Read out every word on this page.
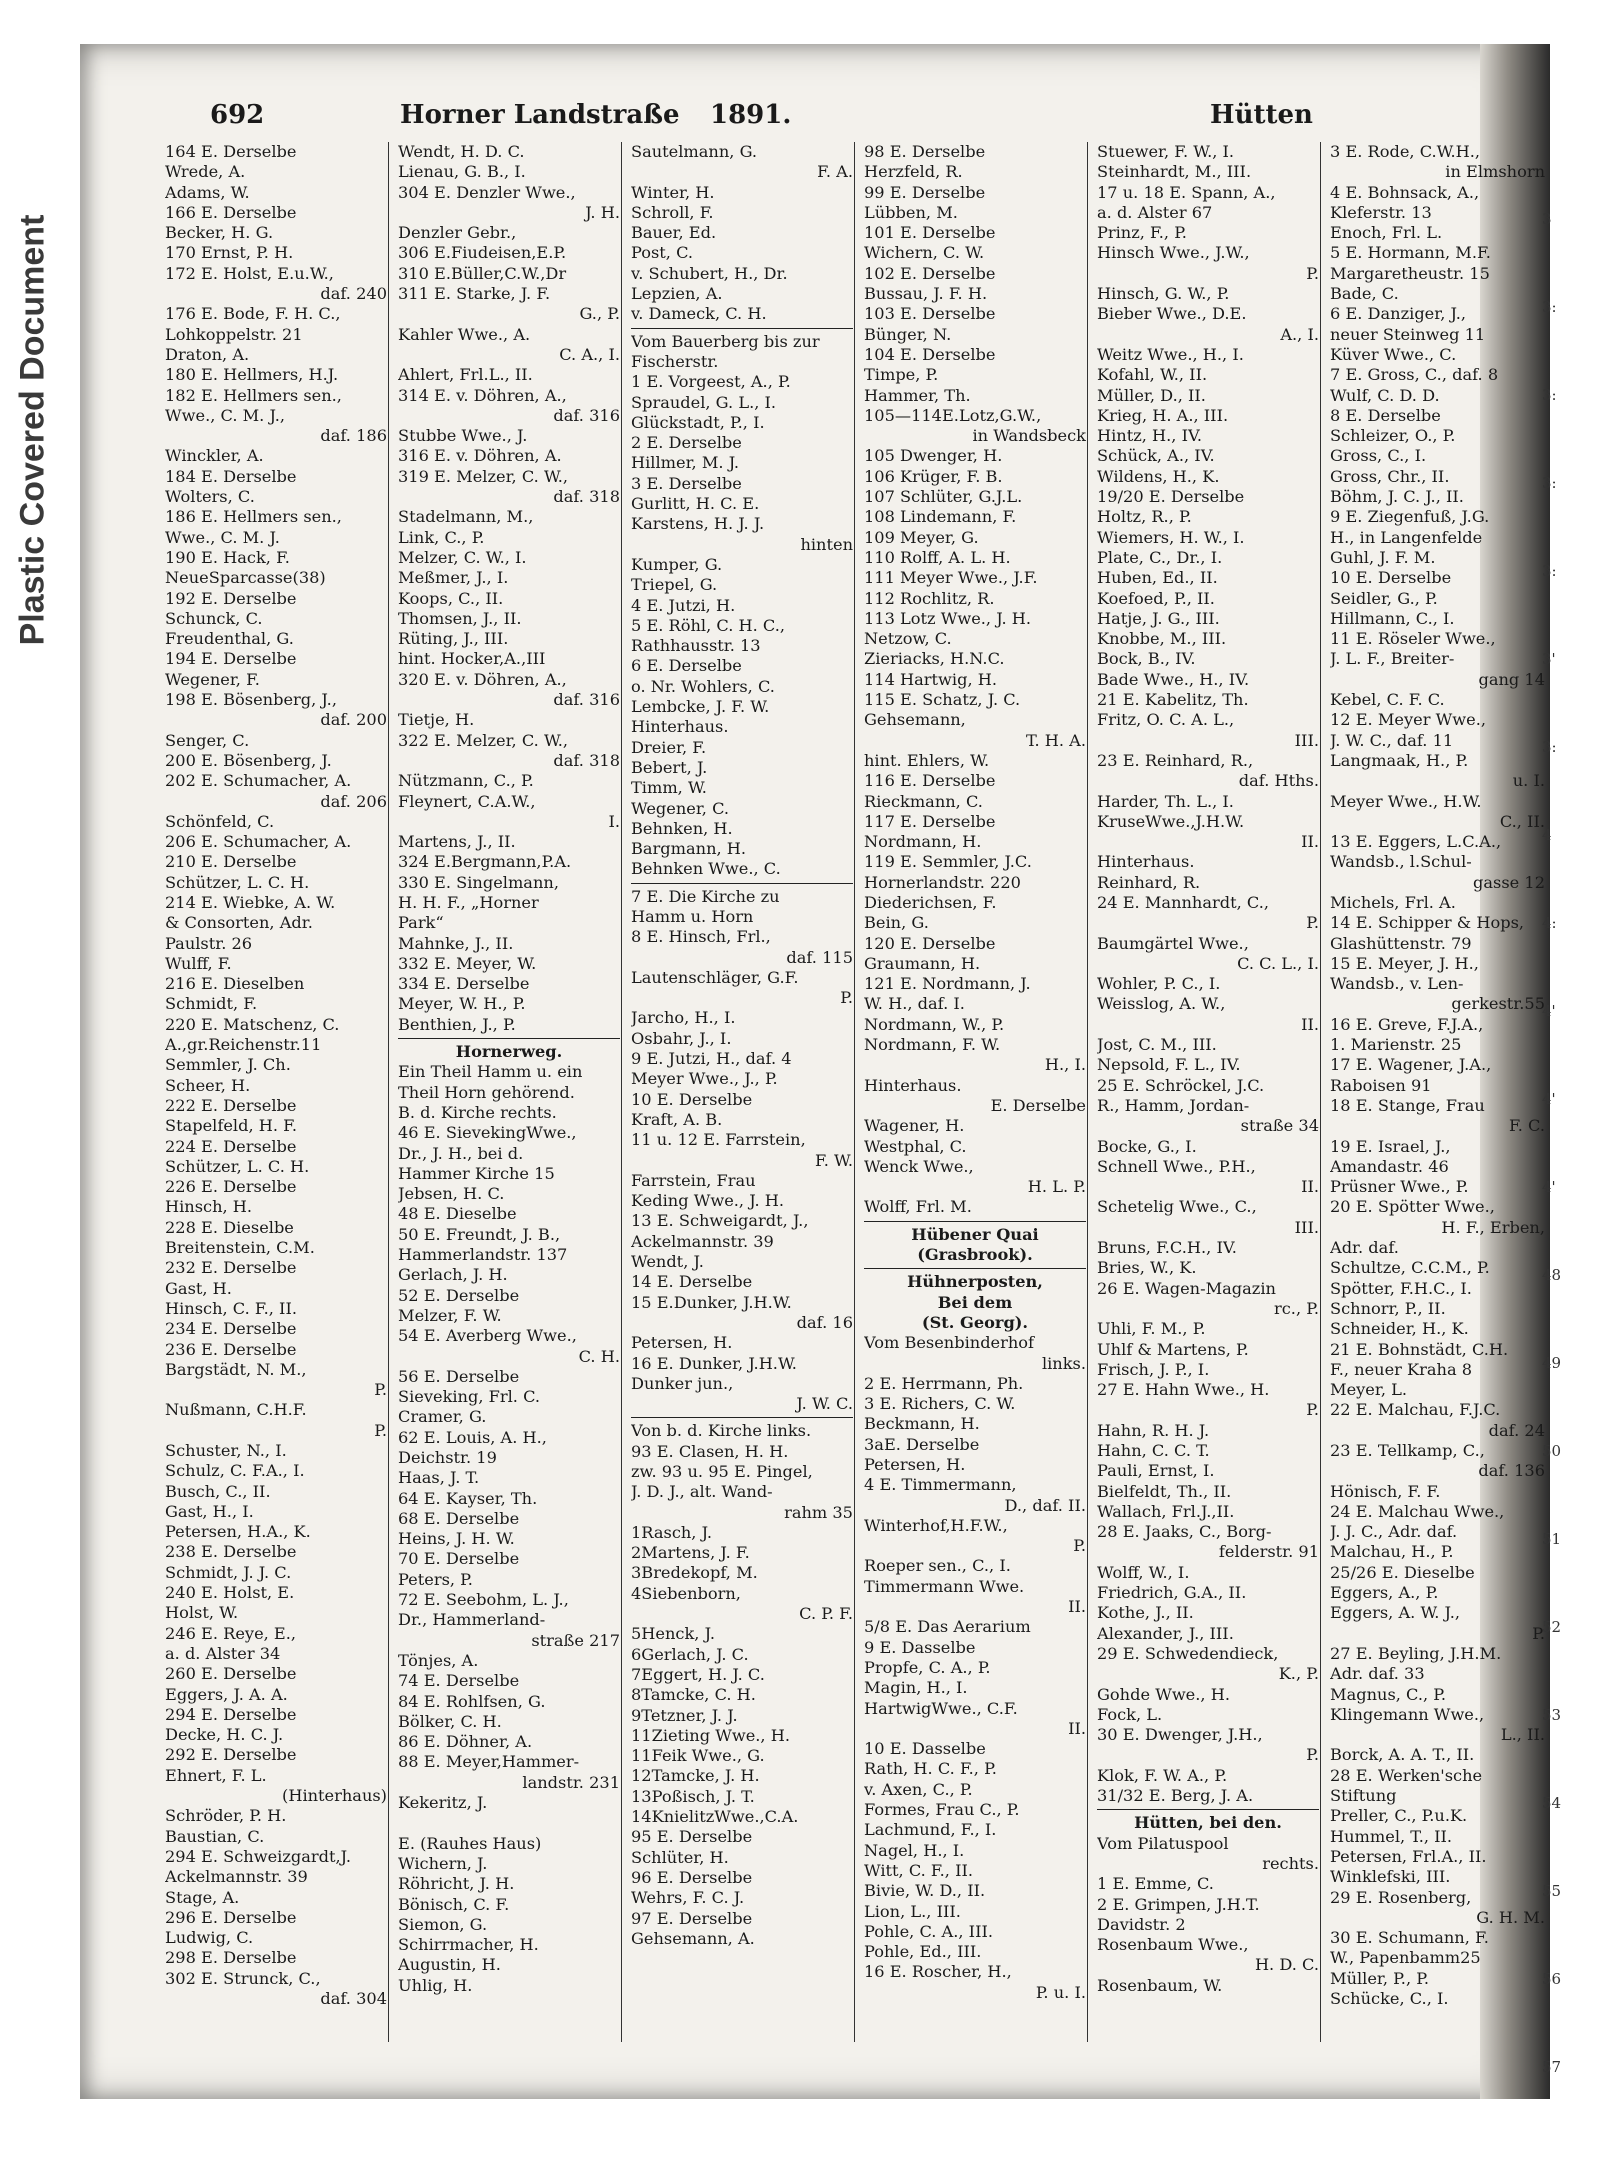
Plastic Covered Document
692	Horner Landstraße 1891.	Hütten
164 E. Derselbe
Wrede, A.
Adams, W.
166 E. Derselbe
Becker, H. G.
170 Ernst, P. H.
172 E. Holst, E.u.W.,
daf. 240
176 E. Bode, F. H. C.,
Lohkoppelstr. 21
Draton, A.
180 E. Hellmers, H.J.
182 E. Hellmers sen.,
Wwe., C. M. J.,
daf. 186
Winckler, A.
184 E. Derselbe
Wolters, C.
186 E. Hellmers sen.,
Wwe., C. M. J.
190 E. Hack, F.
NeueSparcasse(38)
192 E. Derselbe
Schunck, C.
Freudenthal, G.
194 E. Derselbe
Wegener, F.
198 E. Bösenberg, J.,
daf. 200
Senger, C.
200 E. Bösenberg, J.
202 E. Schumacher, A.
daf. 206
Schönfeld, C.
206 E. Schumacher, A.
210 E. Derselbe
Schützer, L. C. H.
214 E. Wiebke, A. W.
& Consorten, Adr.
Paulstr. 26
Wulff, F.
216 E. Dieselben
Schmidt, F.
220 E. Matschenz, C.
A.,gr.Reichenstr.11
Semmler, J. Ch.
Scheer, H.
222 E. Derselbe
Stapelfeld, H. F.
224 E. Derselbe
Schützer, L. C. H.
226 E. Derselbe
Hinsch, H.
228 E. Dieselbe
Breitenstein, C.M.
232 E. Derselbe
Gast, H.
Hinsch, C. F., II.
234 E. Derselbe
236 E. Derselbe
Bargstädt, N. M.,
P.
Nußmann, C.H.F.
P.
Schuster, N., I.
Schulz, C. F.A., I.
Busch, C., II.
Gast, H., I.
Petersen, H.A., K.
238 E. Derselbe
Schmidt, J. J. C.
240 E. Holst, E.
Holst, W.
246 E. Reye, E.,
a. d. Alster 34
260 E. Derselbe
Eggers, J. A. A.
294 E. Derselbe
Decke, H. C. J.
292 E. Derselbe
Ehnert, F. L.
(Hinterhaus)
Schröder, P. H.
Baustian, C.
294 E. Schweizgardt,J.
Ackelmannstr. 39
Stage, A.
296 E. Derselbe
Ludwig, C.
298 E. Derselbe
302 E. Strunck, C.,
daf. 304
Wendt, H. D. C.
Lienau, G. B., I.
304 E. Denzler Wwe.,
J. H.
Denzler Gebr.,
306 E.Fiudeisen,E.P.
310 E.Büller,C.W.,Dr
311 E. Starke, J. F.
G., P.
Kahler Wwe., A.
C. A., I.
Ahlert, Frl.L., II.
314 E. v. Döhren, A.,
daf. 316
Stubbe Wwe., J.
316 E. v. Döhren, A.
319 E. Melzer, C. W.,
daf. 318
Stadelmann, M.,
Link, C., P.
Melzer, C. W., I.
Meßmer, J., I.
Koops, C., II.
Thomsen, J., II.
Rüting, J., III.
hint. Hocker,A.,III
320 E. v. Döhren, A.,
daf. 316
Tietje, H.
322 E. Melzer, C. W.,
daf. 318
Nützmann, C., P.
Fleynert, C.A.W.,
I.
Martens, J., II.
324 E.Bergmann,P.A.
330 E. Singelmann,
H. H. F., „Horner
Park“
Mahnke, J., II.
332 E. Meyer, W.
334 E. Derselbe
Meyer, W. H., P.
Benthien, J., P.
Hornerweg.
Ein Theil Hamm u. ein
Theil Horn gehörend.
B. d. Kirche rechts.
46 E. SievekingWwe.,
Dr., J. H., bei d.
Hammer Kirche 15
Jebsen, H. C.
48 E. Dieselbe
50 E. Freundt, J. B.,
Hammerlandstr. 137
Gerlach, J. H.
52 E. Derselbe
Melzer, F. W.
54 E. Averberg Wwe.,
C. H.
56 E. Derselbe
Sieveking, Frl. C.
Cramer, G.
62 E. Louis, A. H.,
Deichstr. 19
Haas, J. T.
64 E. Kayser, Th.
68 E. Derselbe
Heins, J. H. W.
70 E. Derselbe
Peters, P.
72 E. Seebohm, L. J.,
Dr., Hammerland-
straße 217
Tönjes, A.
74 E. Derselbe
84 E. Rohlfsen, G.
Bölker, C. H.
86 E. Döhner, A.
88 E. Meyer,Hammer-
landstr. 231
Kekeritz, J.
E. (Rauhes Haus)
Wichern, J.
Röhricht, J. H.
Bönisch, C. F.
Siemon, G.
Schirrmacher, H.
Augustin, H.
Uhlig, H.
Sautelmann, G.
F. A.
Winter, H.
Schroll, F.
Bauer, Ed.
Post, C.
v. Schubert, H., Dr.
Lepzien, A.
v. Dameck, C. H.
Vom Bauerberg bis zur
Fischerstr.
1 E. Vorgeest, A., P.
Spraudel, G. L., I.
Glückstadt, P., I.
2 E. Derselbe
Hillmer, M. J.
3 E. Derselbe
Gurlitt, H. C. E.
Karstens, H. J. J.
hinten
Kumper, G.
Triepel, G.
4 E. Jutzi, H.
5 E. Röhl, C. H. C.,
Rathhausstr. 13
6 E. Derselbe
o. Nr. Wohlers, C.
Lembcke, J. F. W.
Hinterhaus.
Dreier, F.
Bebert, J.
Timm, W.
Wegener, C.
Behnken, H.
Bargmann, H.
Behnken Wwe., C.
7 E. Die Kirche zu
Hamm u. Horn
8 E. Hinsch, Frl.,
daf. 115
Lautenschläger, G.F.
P.
Jarcho, H., I.
Osbahr, J., I.
9 E. Jutzi, H., daf. 4
Meyer Wwe., J., P.
10 E. Derselbe
Kraft, A. B.
11 u. 12 E. Farrstein,
F. W.
Farrstein, Frau
Keding Wwe., J. H.
13 E. Schweigardt, J.,
Ackelmannstr. 39
Wendt, J.
14 E. Derselbe
15 E.Dunker, J.H.W.
daf. 16
Petersen, H.
16 E. Dunker, J.H.W.
Dunker jun.,
J. W. C.
Von b. d. Kirche links.
93 E. Clasen, H. H.
zw. 93 u. 95 E. Pingel,
J. D. J., alt. Wand-
rahm 35
1Rasch, J.
2Martens, J. F.
3Bredekopf, M.
4Siebenborn,
C. P. F.
5Henck, J.
6Gerlach, J. C.
7Eggert, H. J. C.
8Tamcke, C. H.
9Tetzner, J. J.
11Zieting Wwe., H.
11Feik Wwe., G.
12Tamcke, J. H.
13Poßisch, J. T.
14KnielitzWwe.,C.A.
95 E. Derselbe
Schlüter, H.
96 E. Derselbe
Wehrs, F. C. J.
97 E. Derselbe
Gehsemann, A.
98 E. Derselbe
Herzfeld, R.
99 E. Derselbe
Lübben, M.
101 E. Derselbe
Wichern, C. W.
102 E. Derselbe
Bussau, J. F. H.
103 E. Derselbe
Bünger, N.
104 E. Derselbe
Timpe, P.
Hammer, Th.
105—114E.Lotz,G.W.,
in Wandsbeck
105 Dwenger, H.
106 Krüger, F. B.
107 Schlüter, G.J.L.
108 Lindemann, F.
109 Meyer, G.
110 Rolff, A. L. H.
111 Meyer Wwe., J.F.
112 Rochlitz, R.
113 Lotz Wwe., J. H.
Netzow, C.
Zieriacks, H.N.C.
114 Hartwig, H.
115 E. Schatz, J. C.
Gehsemann,
T. H. A.
hint. Ehlers, W.
116 E. Derselbe
Rieckmann, C.
117 E. Derselbe
Nordmann, H.
119 E. Semmler, J.C.
Hornerlandstr. 220
Diederichsen, F.
Bein, G.
120 E. Derselbe
Graumann, H.
121 E. Nordmann, J.
W. H., daf. I.
Nordmann, W., P.
Nordmann, F. W.
H., I.
Hinterhaus.
E. Derselbe
Wagener, H.
Westphal, C.
Wenck Wwe.,
H. L. P.
Wolff, Frl. M.
Hübener Quai
(Grasbrook).
Hühnerposten,
Bei dem
(St. Georg).
Vom Besenbinderhof
links.
2 E. Herrmann, Ph.
3 E. Richers, C. W.
Beckmann, H.
3aE. Derselbe
Petersen, H.
4 E. Timmermann,
D., daf. II.
Winterhof,H.F.W.,
P.
Roeper sen., C., I.
Timmermann Wwe.
II.
5/8 E. Das Aerarium
9 E. Dasselbe
Propfe, C. A., P.
Magin, H., I.
HartwigWwe., C.F.
II.
10 E. Dasselbe
Rath, H. C. F., P.
v. Axen, C., P.
Formes, Frau C., P.
Lachmund, F., I.
Nagel, H., I.
Witt, C. F., II.
Bivie, W. D., II.
Lion, L., III.
Pohle, C. A., III.
Pohle, Ed., III.
16 E. Roscher, H.,
P. u. I.
Stuewer, F. W., I.
Steinhardt, M., III.
17 u. 18 E. Spann, A.,
a. d. Alster 67
Prinz, F., P.
Hinsch Wwe., J.W.,
P.
Hinsch, G. W., P.
Bieber Wwe., D.E.
A., I.
Weitz Wwe., H., I.
Kofahl, W., II.
Müller, D., II.
Krieg, H. A., III.
Hintz, H., IV.
Schück, A., IV.
Wildens, H., K.
19/20 E. Derselbe
Holtz, R., P.
Wiemers, H. W., I.
Plate, C., Dr., I.
Huben, Ed., II.
Koefoed, P., II.
Hatje, J. G., III.
Knobbe, M., III.
Bock, B., IV.
Bade Wwe., H., IV.
21 E. Kabelitz, Th.
Fritz, O. C. A. L.,
III.
23 E. Reinhard, R.,
daf. Hths.
Harder, Th. L., I.
KruseWwe.,J.H.W.
II.
Hinterhaus.
Reinhard, R.
24 E. Mannhardt, C.,
P.
Baumgärtel Wwe.,
C. C. L., I.
Wohler, P. C., I.
Weisslog, A. W.,
II.
Jost, C. M., III.
Nepsold, F. L., IV.
25 E. Schröckel, J.C.
R., Hamm, Jordan-
straße 34
Bocke, G., I.
Schnell Wwe., P.H.,
II.
Schetelig Wwe., C.,
III.
Bruns, F.C.H., IV.
Bries, W., K.
26 E. Wagen-Magazin
rc., P.
Uhli, F. M., P.
Uhlf & Martens, P.
Frisch, J. P., I.
27 E. Hahn Wwe., H.
P.
Hahn, R. H. J.
Hahn, C. C. T.
Pauli, Ernst, I.
Bielfeldt, Th., II.
Wallach, Frl.J.,II.
28 E. Jaaks, C., Borg-
felderstr. 91
Wolff, W., I.
Friedrich, G.A., II.
Kothe, J., II.
Alexander, J., III.
29 E. Schwedendieck,
K., P.
Gohde Wwe., H.
Fock, L.
30 E. Dwenger, J.H.,
P.
Klok, F. W. A., P.
31/32 E. Berg, J. A.
Hütten, bei den.
Vom Pilatuspool
rechts.
1 E. Emme, C.
2 E. Grimpen, J.H.T.
Davidstr. 2
Rosenbaum Wwe.,
H. D. C.
Rosenbaum, W.
3 E. Rode, C.W.H.,
in Elmshorn
4 E. Bohnsack, A.,
Kleferstr. 13
Enoch, Frl. L.
5 E. Hormann, M.F.
Margaretheustr. 15
Bade, C.
6 E. Danziger, J.,
neuer Steinweg 11
Küver Wwe., C.
7 E. Gross, C., daf. 8
Wulf, C. D. D.
8 E. Derselbe
Schleizer, O., P.
Gross, C., I.
Gross, Chr., II.
Böhm, J. C. J., II.
9 E. Ziegenfuß, J.G.
H., in Langenfelde
Guhl, J. F. M.
10 E. Derselbe
Seidler, G., P.
Hillmann, C., I.
11 E. Röseler Wwe.,
J. L. F., Breiter-
gang 14
Kebel, C. F. C.
12 E. Meyer Wwe.,
J. W. C., daf. 11
Langmaak, H., P.
u. I.
Meyer Wwe., H.W.
C., II.
13 E. Eggers, L.C.A.,
Wandsb., l.Schul-
gasse 12
Michels, Frl. A.
14 E. Schipper & Hops,
Glashüttenstr. 79
15 E. Meyer, J. H.,
Wandsb., v. Len-
gerkestr.55
16 E. Greve, F.J.A.,
1. Marienstr. 25
17 E. Wagener, J.A.,
Raboisen 91
18 E. Stange, Frau
F. C.
19 E. Israel, J.,
Amandastr. 46
Prüsner Wwe., P.
20 E. Spötter Wwe.,
H. F., Erben,
Adr. daf.
Schultze, C.C.M., P.
Spötter, F.H.C., I.
Schnorr, P., II.
Schneider, H., K.
21 E. Bohnstädt, C.H.
F., neuer Kraha 8
Meyer, L.
22 E. Malchau, F.J.C.
daf. 24
23 E. Tellkamp, C.,
daf. 136
Hönisch, F. F.
24 E. Malchau Wwe.,
J. J. C., Adr. daf.
Malchau, H., P.
25/26 E. Dieselbe
Eggers, A., P.
Eggers, A. W. J.,
P.
27 E. Beyling, J.H.M.
Adr. daf. 33
Magnus, C., P.
Klingemann Wwe.,
L., II.
Borck, A. A. T., II.
28 E. Werken'sche
Stiftung
Preller, C., P.u.K.
Hummel, T., II.
Petersen, Frl.A., II.
Winklefski, III.
29 E. Rosenberg,
G. H. M.
30 E. Schumann, F.
W., Papenbamm25
Müller, P., P.
Schücke, C., I.
3
3:
3:
3:
3:
3'
3:
4
4:
4'
4'
4'
48
49
50
51
52
53
54
55
56
57
